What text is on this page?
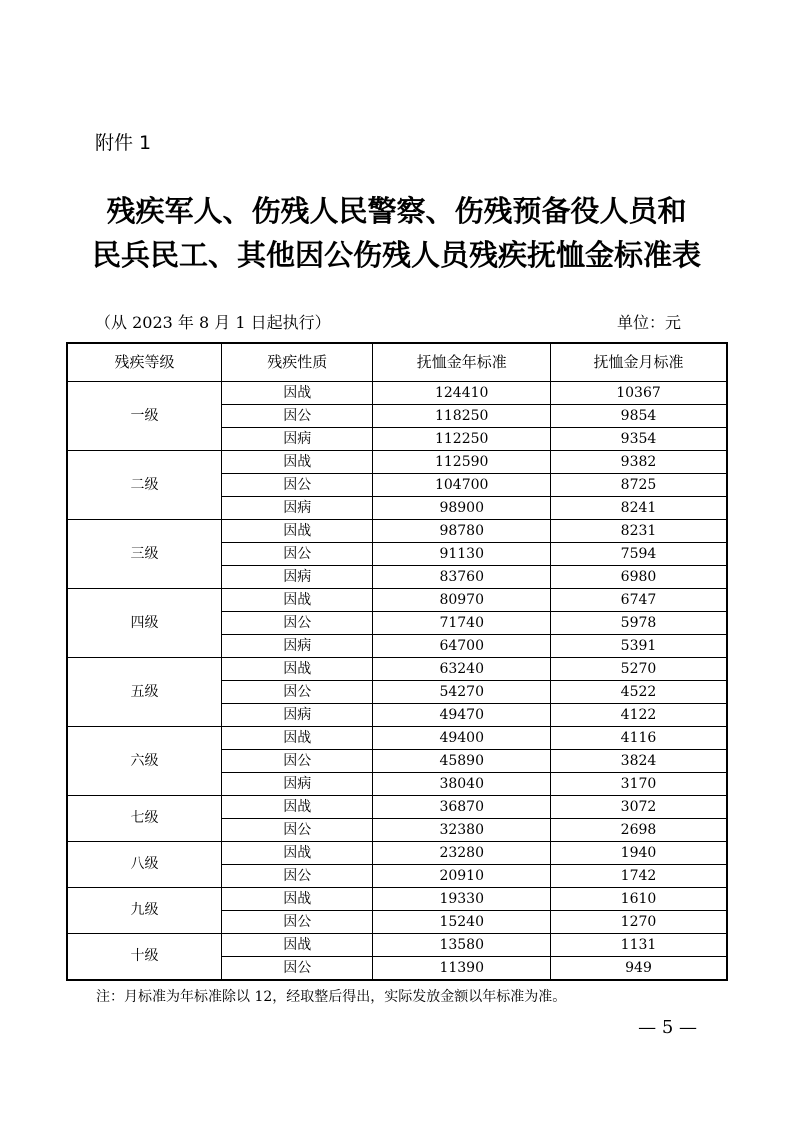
附件 1
残疾军人、伤残人民警察、伤残预备役人员和
民兵民工、其他因公伤残人员残疾抚恤金标准表
（从 2023 年 8 月 1 日起执行）	单位：元
残疾等级	残疾性质	抚恤金年标准	抚恤金月标准
一级	因战	124410	10367
	因公	118250	9854
	因病	112250	9354
二级	因战	112590	9382
	因公	104700	8725
	因病	98900	8241
三级	因战	98780	8231
	因公	91130	7594
	因病	83760	6980
四级	因战	80970	6747
	因公	71740	5978
	因病	64700	5391
五级	因战	63240	5270
	因公	54270	4522
	因病	49470	4122
六级	因战	49400	4116
	因公	45890	3824
	因病	38040	3170
七级	因战	36870	3072
	因公	32380	2698
八级	因战	23280	1940
	因公	20910	1742
九级	因战	19330	1610
	因公	15240	1270
十级	因战	13580	1131
	因公	11390	949
注：月标准为年标准除以 12，经取整后得出，实际发放金额以年标准为准。
— 5 —
